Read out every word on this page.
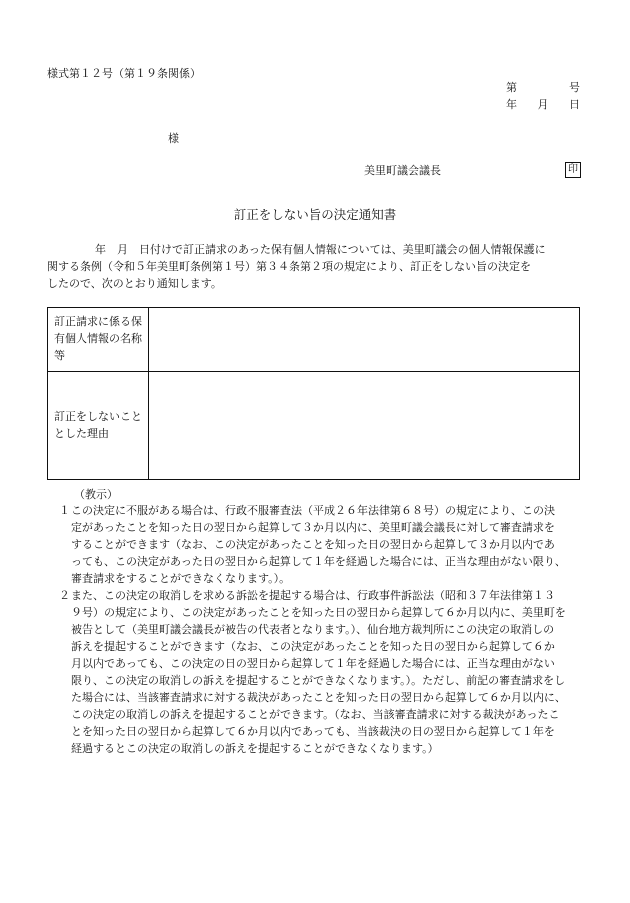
様式第１２号（第１９条関係）
第	号
年 月 日
様
美里町議会議長	印
訂正をしない旨の決定通知書
年　月　日付けで訂正請求のあった保有個人情報については、美里町議会の個人情報保護に
関する条例（令和５年美里町条例第１号）第３４条第２項の規定により、訂正をしない旨の決定を
したので、次のとおり通知します。
訂正請求に係る保有個人情報の名称等
訂正をしないこととした理由
（教示）
１ この決定に不服がある場合は、行政不服審査法（平成２６年法律第６８号）の規定により、この決
定があったことを知った日の翌日から起算して３か月以内に、美里町議会議長に対して審査請求を
することができます（なお、この決定があったことを知った日の翌日から起算して３か月以内であ
っても、この決定があった日の翌日から起算して１年を経過した場合には、正当な理由がない限り、
審査請求をすることができなくなります。）。
２ また、この決定の取消しを求める訴訟を提起する場合は、行政事件訴訟法（昭和３７年法律第１３
９号）の規定により、この決定があったことを知った日の翌日から起算して６か月以内に、美里町を
被告として（美里町議会議長が被告の代表者となります。）、仙台地方裁判所にこの決定の取消しの
訴えを提起することができます（なお、この決定があったことを知った日の翌日から起算して６か
月以内であっても、この決定の日の翌日から起算して１年を経過した場合には、正当な理由がない
限り、この決定の取消しの訴えを提起することができなくなります。）。ただし、前記の審査請求をし
た場合には、当該審査請求に対する裁決があったことを知った日の翌日から起算して６か月以内に、
この決定の取消しの訴えを提起することができます。（なお、当該審査請求に対する裁決があったこ
とを知った日の翌日から起算して６か月以内であっても、当該裁決の日の翌日から起算して１年を
経過するとこの決定の取消しの訴えを提起することができなくなります。）
